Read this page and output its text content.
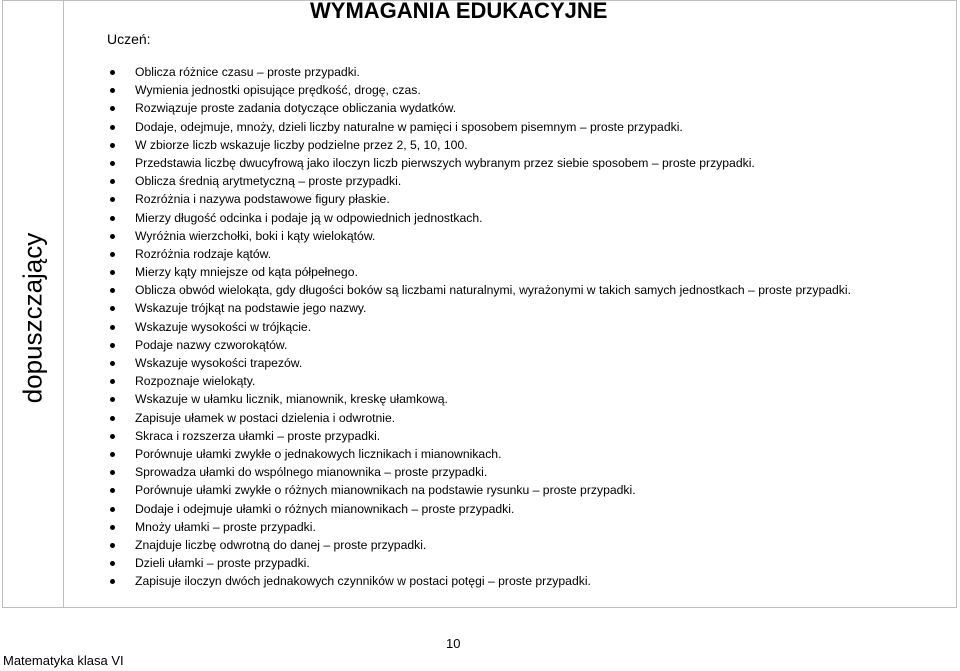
dopuszczający
WYMAGANIA EDUKACYJNE
Uczeń:
Oblicza różnice czasu – proste przypadki.
Wymienia jednostki opisujące prędkość, drogę, czas.
Rozwiązuje proste zadania dotyczące obliczania wydatków.
Dodaje, odejmuje, mnoży, dzieli liczby naturalne w pamięci i sposobem pisemnym – proste przypadki.
W zbiorze liczb wskazuje liczby podzielne przez 2, 5, 10, 100.
Przedstawia liczbę dwucyfrową jako iloczyn liczb pierwszych wybranym przez siebie sposobem – proste przypadki.
Oblicza średnią arytmetyczną – proste przypadki.
Rozróżnia i nazywa podstawowe figury płaskie.
Mierzy długość odcinka i podaje ją w odpowiednich jednostkach.
Wyróżnia wierzchołki, boki i kąty wielokątów.
Rozróżnia rodzaje kątów.
Mierzy kąty mniejsze od kąta półpełnego.
Oblicza obwód wielokąta, gdy długości boków są liczbami naturalnymi, wyrażonymi w takich samych jednostkach – proste przypadki.
Wskazuje trójkąt na podstawie jego nazwy.
Wskazuje wysokości w trójkącie.
Podaje nazwy czworokątów.
Wskazuje wysokości trapezów.
Rozpoznaje wielokąty.
Wskazuje w ułamku licznik, mianownik, kreskę ułamkową.
Zapisuje ułamek w postaci dzielenia i odwrotnie.
Skraca i rozszerza ułamki – proste przypadki.
Porównuje ułamki zwykłe o jednakowych licznikach i mianownikach.
Sprowadza ułamki do wspólnego mianownika – proste przypadki.
Porównuje ułamki zwykłe o różnych mianownikach na podstawie rysunku – proste przypadki.
Dodaje i odejmuje ułamki o różnych mianownikach – proste przypadki.
Mnoży ułamki – proste przypadki.
Znajduje liczbę odwrotną do danej – proste przypadki.
Dzieli ułamki – proste przypadki.
Zapisuje iloczyn dwóch jednakowych czynników w postaci potęgi – proste przypadki.
10
Matematyka klasa VI
